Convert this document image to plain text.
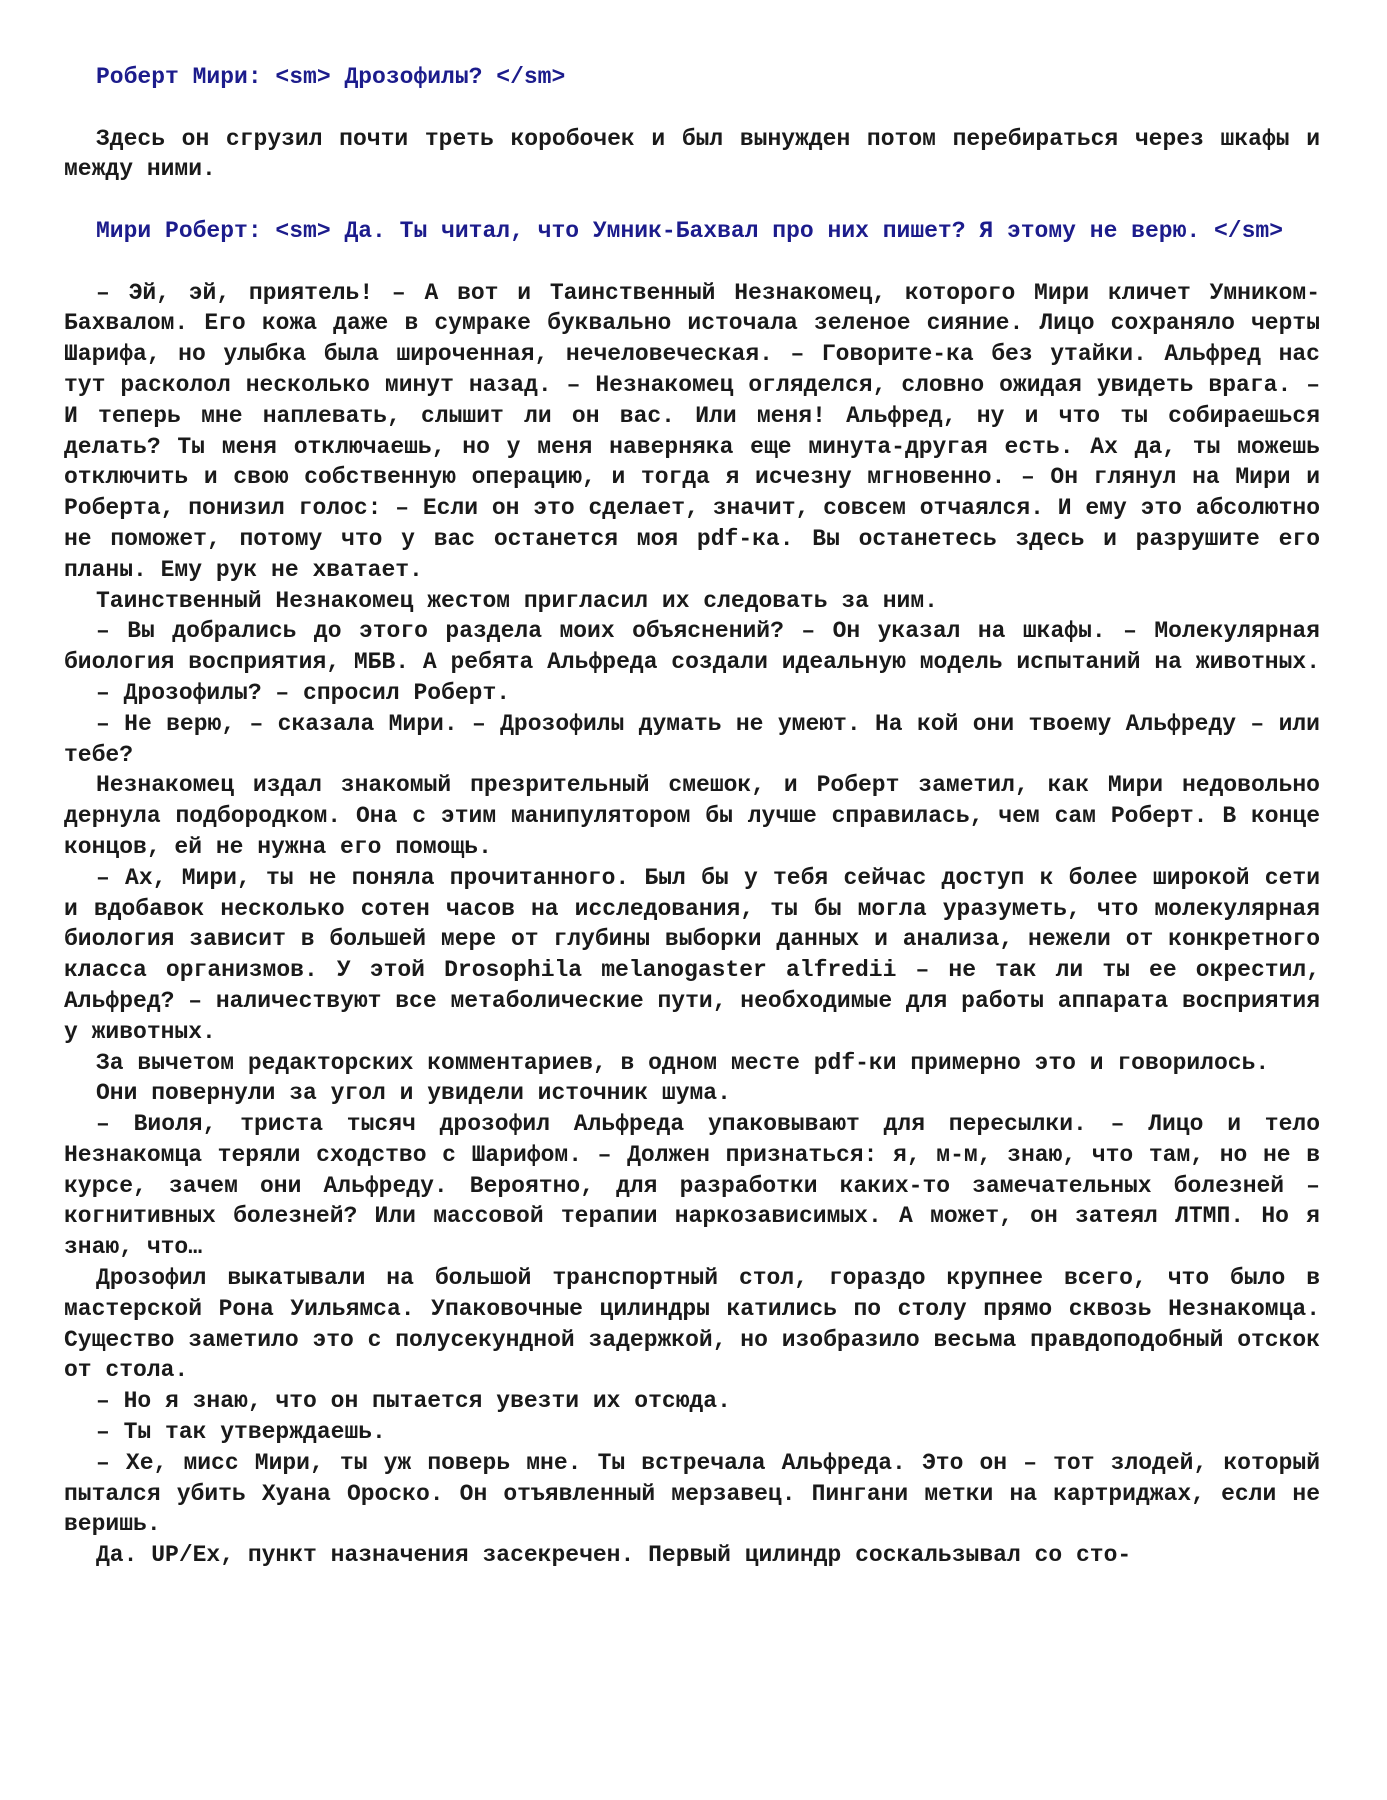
Роберт Мири: <sm> Дрозофилы? </sm>

Здесь он сгрузил почти треть коробочек и был вынужден потом перебираться через шкафы и между ними.

Мири Роберт: <sm> Да. Ты читал, что Умник-Бахвал про них пишет? Я этому не верю. </sm>

– Эй, эй, приятель! – А вот и Таинственный Незнакомец, которого Мири кличет Умником-Бахвалом. Его кожа даже в сумраке буквально источала зеленое сияние. Лицо сохраняло черты Шарифа, но улыбка была широченная, нечеловеческая. – Говорите-ка без утайки. Альфред нас тут расколол несколько минут назад. – Незнакомец огляделся, словно ожидая увидеть врага. – И теперь мне наплевать, слышит ли он вас. Или меня! Альфред, ну и что ты собираешься делать? Ты меня отключаешь, но у меня наверняка еще минута-другая есть. Ах да, ты можешь отключить и свою собственную операцию, и тогда я исчезну мгновенно. – Он глянул на Мири и Роберта, понизил голос: – Если он это сделает, значит, совсем отчаялся. И ему это абсолютно не поможет, потому что у вас останется моя pdf-ка. Вы останетесь здесь и разрушите его планы. Ему рук не хватает.

Таинственный Незнакомец жестом пригласил их следовать за ним.

– Вы добрались до этого раздела моих объяснений? – Он указал на шкафы. – Молекулярная биология восприятия, МБВ. А ребята Альфреда создали идеальную модель испытаний на животных.

– Дрозофилы? – спросил Роберт.

– Не верю, – сказала Мири. – Дрозофилы думать не умеют. На кой они твоему Альфреду – или тебе?

Незнакомец издал знакомый презрительный смешок, и Роберт заметил, как Мири недовольно дернула подбородком. Она с этим манипулятором бы лучше справилась, чем сам Роберт. В конце концов, ей не нужна его помощь.

– Ах, Мири, ты не поняла прочитанного. Был бы у тебя сейчас доступ к более широкой сети и вдобавок несколько сотен часов на исследования, ты бы могла уразуметь, что молекулярная биология зависит в большей мере от глубины выборки данных и анализа, нежели от конкретного класса организмов. У этой Drosophila melanogaster alfredii – не так ли ты ее окрестил, Альфред? – наличествуют все метаболические пути, необходимые для работы аппарата восприятия у животных.

За вычетом редакторских комментариев, в одном месте pdf-ки примерно это и говорилось.

Они повернули за угол и увидели источник шума.

– Виоля, триста тысяч дрозофил Альфреда упаковывают для пересылки. – Лицо и тело Незнакомца теряли сходство с Шарифом. – Должен признаться: я, м-м, знаю, что там, но не в курсе, зачем они Альфреду. Вероятно, для разработки каких-то замечательных болезней – когнитивных болезней? Или массовой терапии наркозависимых. А может, он затеял ЛТМП. Но я знаю, что…

Дрозофил выкатывали на большой транспортный стол, гораздо крупнее всего, что было в мастерской Рона Уильямса. Упаковочные цилиндры катились по столу прямо сквозь Незнакомца. Существо заметило это с полусекундной задержкой, но изобразило весьма правдоподобный отскок от стола.

– Но я знаю, что он пытается увезти их отсюда.

– Ты так утверждаешь.

– Хе, мисс Мири, ты уж поверь мне. Ты встречала Альфреда. Это он – тот злодей, который пытался убить Хуана Ороско. Он отъявленный мерзавец. Пингани метки на картриджах, если не веришь.

Да. UP/Ex, пункт назначения засекречен. Первый цилиндр соскальзывал со сто-
